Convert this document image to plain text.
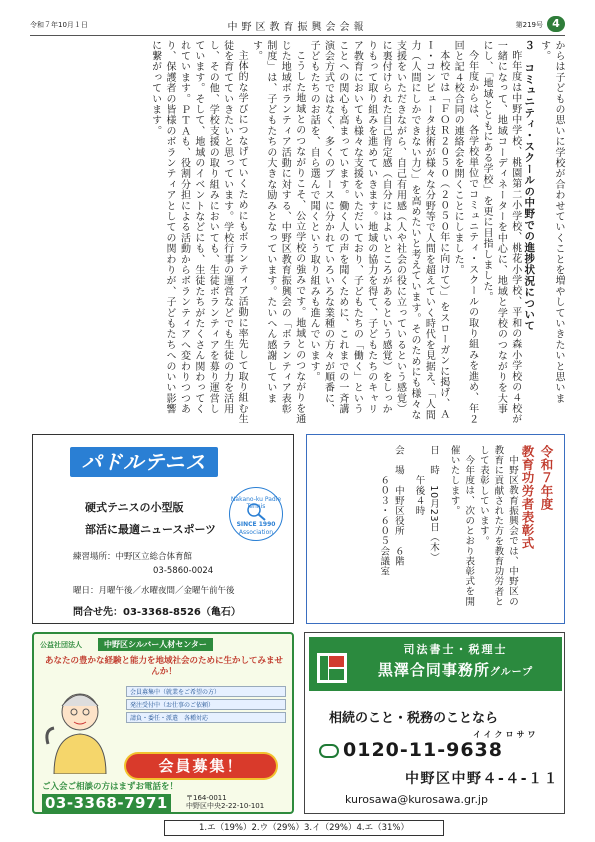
令和７年10月１日	中野区教育振興会会報	第219号 4

からは子どもの思いに学校が合わせていくことを増やしていきたいと思います。

３　コミュニティ・スクールの中野での進捗状況について

昨年度は中野中学校、桃園第二小学校、桃花小学校、平和の森小学校の４校が一緒になって、地域コーディネーターを中心に、地域と学校のつながりを大事にし、「地域とともにある学校」を更に目指しました。

今年度からは、各学校単位でコミュニティ・スクールの取り組みを進め、年２回と記４校合同の連絡会を開くことにしました。

本校では「ＦＯＲ２０５０（２０５０年に向けて）」をスローガンに掲げ、ＡＩ・コンピュータ技術が様々な分野等で人間を超えていく時代を見据え、「人間力（人間にしかできない力）」を高めたいと考えています。そのためにも様々な支援をいただきながら、自己有用感（人や社会の役に立っているという感覚）に裏付けられた自己肯定感（自分にはよいところがあるという感覚）をしっかりもって取り組みを進めていきます。地域の協力を得て、子どもたちのキャリア教育においても様々な支援をいただいており、子どもたちの「働く」ということへの関心も高まっています。働く人の声を聞くために、これまでの一斉講演会方式ではなく、多くのブースに分かれていろいろな業種の方々が順番に、子どもたちのお話を、自ら選んで聞くという取り組みも進んでいます。

こうした地域とのつながりこそ、公立学校の強みです。地域とのつながりを通じた地域ボランティア活動に対する、中野区教育振興会の「ボランティア表彰制度」は、子どもたちの大きな励みとなっています。たいへん感謝しています。

主体的な学びにつなげていくためにもボランティア活動に率先して取り組む生徒を育てていきたいと思っています。学校行事の運営などでも生徒の力を活用し、その他、学校支援の取り組みにおいても、生徒ボランティアを募り運営しています。そして、地域のイベントなどにも、生徒たちがたくさん関わってくれています。ＰＴＡも、役割分担による活動からボランティアへ変わりつつあり、保護者の皆様のボランティアとしての関わりが、子どもたちへのいい影響に繋がっています。

パドルテニス
硬式テニスの小型版
部活に最適ニュースポーツ
Nakano-ku Padle Tennis
SINCE 1990
Association
練習場所：中野区立総合体育館
03-5860-0024
曜日：月曜午後／水曜夜間／金曜午前午後
問合せ先：03-3368-8526（亀石）

令和７年度

教育功労者表彰式

中野区教育振興会では、中野区の教育に貢献された方を教育功労者として表彰しています。

今年度は、次のとおり表彰式を開催いたします。

日　時　10月23日（木）

　　　午後４時

会　場　中野区役所　６階

　　　６０３・６０５会議室

公益社団法人	中野区シルバー人材センター
あなたの豊かな経験と能力を地域社会のために生かしてみませんか！
会員募集中（就業をご希望の方）
発注受付中（お仕事のご依頼）
請負・委任・派遣　各種対応
会員募集！
ご入会ご相談の方はまずお電話を！
03-3368-7971	〒164-0011
中野区中央2-22-10-101
司法書士・税理士
黒澤合同事務所グループ
相続のこと・税務のことなら
イイクロサワ
0120-11-9638
中野区中野４-４-１１
kurosawa@kurosawa.gr.jp
1.エ（19%）2.ウ（29%）3.イ（29%）4.エ（31%）
